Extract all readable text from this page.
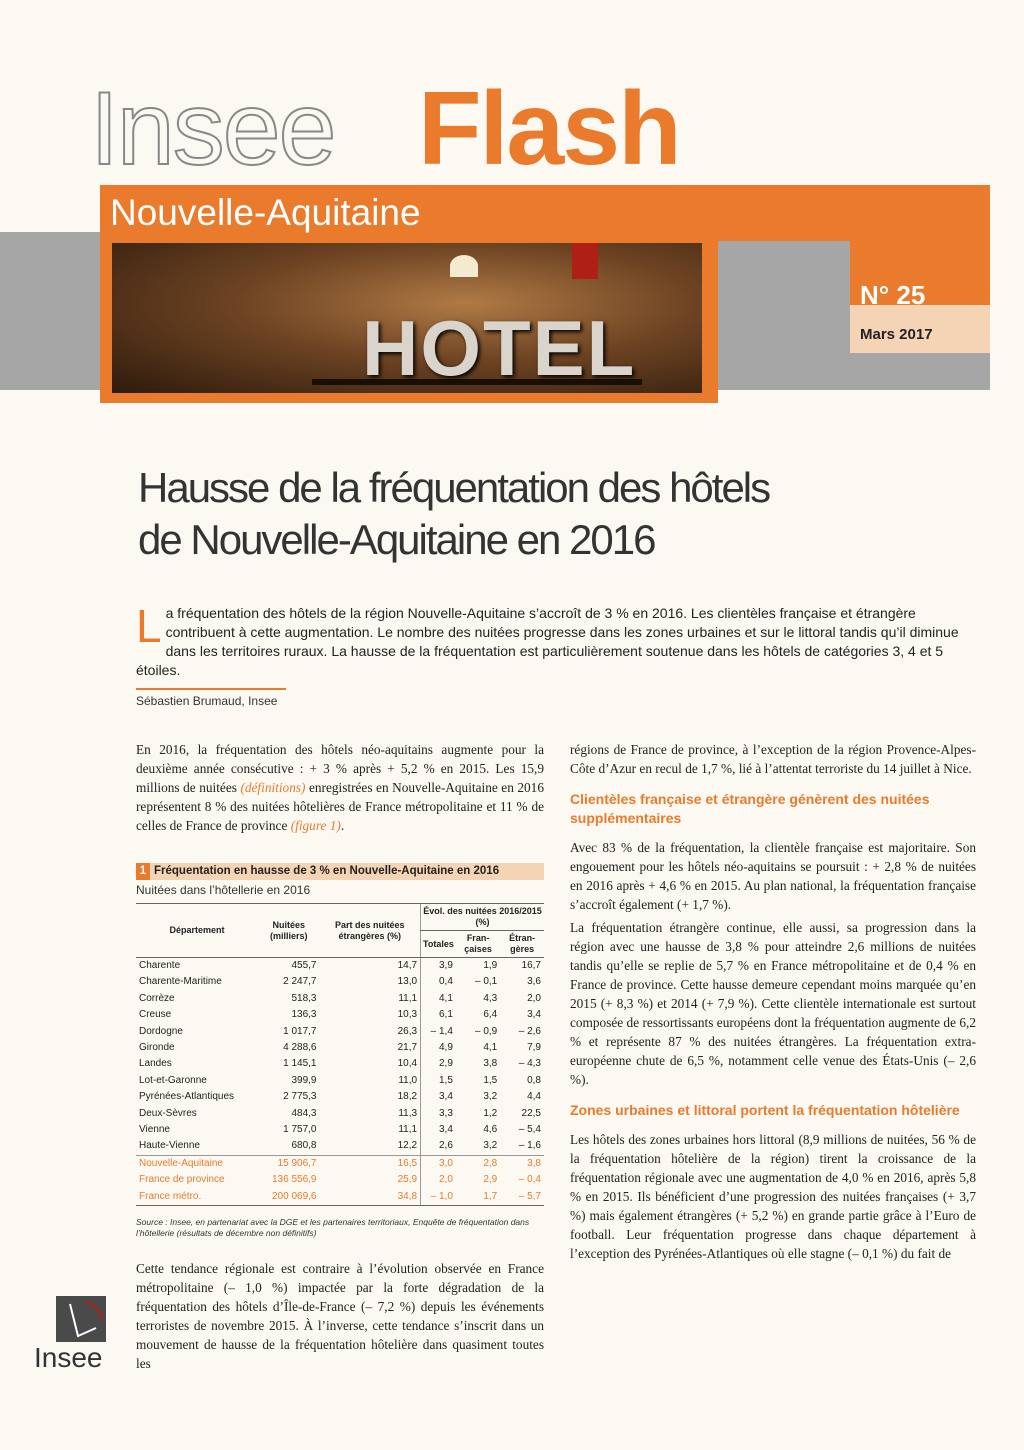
HOTEL
Insee Flash
Nouvelle-Aquitaine
N° 25
Mars 2017
Hausse de la fréquentation des hôtels
de Nouvelle-Aquitaine en 2016
La fréquentation des hôtels de la région Nouvelle-Aquitaine s’accroît de 3 % en 2016. Les clientèles française et étrangère contribuent à cette augmentation. Le nombre des nuitées progresse dans les zones urbaines et sur le littoral tandis qu’il diminue dans les territoires ruraux. La hausse de la fréquentation est particulièrement soutenue dans les hôtels de catégories 3, 4 et 5 étoiles.
Sébastien Brumaud, Insee

En 2016, la fréquentation des hôtels néo-aquitains augmente pour la deuxième année consécutive : + 3 % après + 5,2 % en 2015. Les 15,9 millions de nuitées (définitions) enregistrées en Nouvelle-Aquitaine en 2016 représentent 8 % des nuitées hôtelières de France métropolitaine et 11 % de celles de France de province (figure 1).

1 Fréquentation en hausse de 3 % en Nouvelle-Aquitaine en 2016
Nuitées dans l’hôtellerie en 2016
Département	Nuitées (milliers)	Part des nuitées étrangères (%)	Évol. des nuitées 2016/2015 (%)		
			Totales	Fran-çaises	Étran-gères
Charente	455,7	14,7	3,9	1,9	16,7
Charente-Maritime	2 247,7	13,0	0,4	– 0,1	3,6
Corrèze	518,3	11,1	4,1	4,3	2,0
Creuse	136,3	10,3	6,1	6,4	3,4
Dordogne	1 017,7	26,3	– 1,4	– 0,9	– 2,6
Gironde	4 288,6	21,7	4,9	4,1	7,9
Landes	1 145,1	10,4	2,9	3,8	– 4,3
Lot-et-Garonne	399,9	11,0	1,5	1,5	0,8
Pyrénées-Atlantiques	2 775,3	18,2	3,4	3,2	4,4
Deux-Sèvres	484,3	11,3	3,3	1,2	22,5
Vienne	1 757,0	11,1	3,4	4,6	– 5,4
Haute-Vienne	680,8	12,2	2,6	3,2	– 1,6
Nouvelle-Aquitaine	15 906,7	16,5	3,0	2,8	3,8
France de province	136 556,9	25,9	2,0	2,9	– 0,4
France métro.	200 069,6	34,8	– 1,0	1,7	– 5,7
Source : Insee, en partenariat avec la DGE et les partenaires territoriaux, Enquête de fréquentation dans l’hôtellerie (résultats de décembre non définitifs)

Cette tendance régionale est contraire à l’évolution observée en France métropolitaine (– 1,0 %) impactée par la forte dégradation de la fréquentation des hôtels d’Île-de-France (– 7,2 %) depuis les événements terroristes de novembre 2015. À l’inverse, cette tendance s’inscrit dans un mouvement de hausse de la fréquentation hôtelière dans quasiment toutes les

régions de France de province, à l’exception de la région Provence-Alpes-Côte d’Azur en recul de 1,7 %, lié à l’attentat terroriste du 14 juillet à Nice.

Clientèles française et étrangère génèrent des nuitées supplémentaires

Avec 83 % de la fréquentation, la clientèle française est majoritaire. Son engouement pour les hôtels néo-aquitains se poursuit : + 2,8 % de nuitées en 2016 après + 4,6 % en 2015. Au plan national, la fréquentation française s’accroît également (+ 1,7 %).

La fréquentation étrangère continue, elle aussi, sa progression dans la région avec une hausse de 3,8 % pour atteindre 2,6 millions de nuitées tandis qu’elle se replie de 5,7 % en France métropolitaine et de 0,4 % en France de province. Cette hausse demeure cependant moins marquée qu’en 2015 (+ 8,3 %) et 2014 (+ 7,9 %). Cette clientèle internationale est surtout composée de ressortissants européens dont la fréquentation augmente de 6,2 % et représente 87 % des nuitées étrangères. La fréquentation extra-européenne chute de 6,5 %, notamment celle venue des États-Unis (– 2,6 %).

Zones urbaines et littoral portent la fréquentation hôtelière

Les hôtels des zones urbaines hors littoral (8,9 millions de nuitées, 56 % de la fréquentation hôtelière de la région) tirent la croissance de la fréquentation régionale avec une augmentation de 4,0 % en 2016, après 5,8 % en 2015. Ils bénéficient d’une progression des nuitées françaises (+ 3,7 %) mais également étrangères (+ 5,2 %) en grande partie grâce à l’Euro de football. Leur fréquentation progresse dans chaque département à l’exception des Pyrénées-Atlantiques où elle stagne (– 0,1 %) du fait de

Insee
